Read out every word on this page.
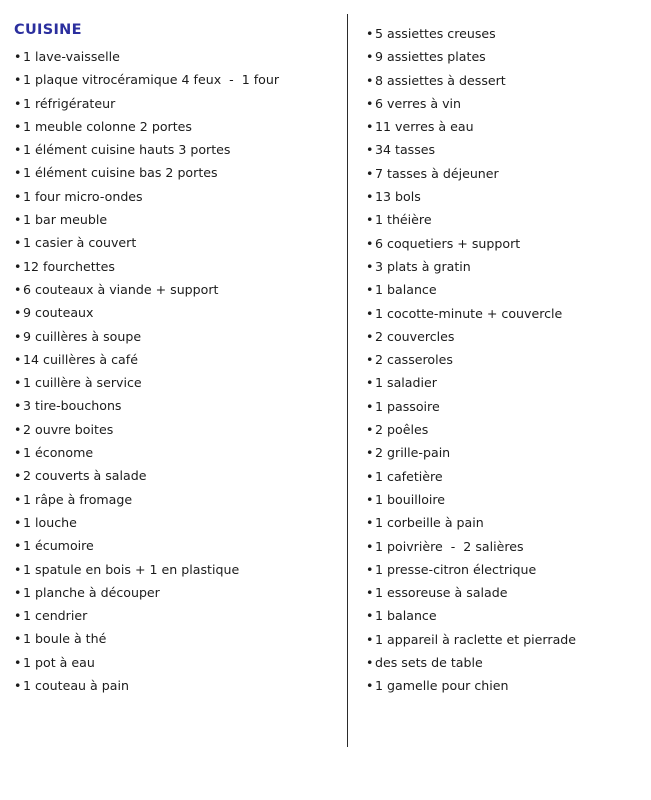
CUISINE
• 1 lave-vaisselle
• 1 plaque vitrocéramique 4 feux  -  1 four
• 1 réfrigérateur
• 1 meuble colonne 2 portes
• 1 élément cuisine hauts 3 portes
• 1 élément cuisine bas 2 portes
• 1 four micro-ondes
• 1 bar meuble
• 1 casier à couvert
• 12 fourchettes
• 6 couteaux à viande + support
• 9 couteaux
• 9 cuillères à soupe
• 14 cuillères à café
• 1 cuillère à service
• 3 tire-bouchons
• 2 ouvre boites
• 1 économe
• 2 couverts à salade
• 1 râpe à fromage
• 1 louche
• 1 écumoire
• 1 spatule en bois + 1 en plastique
• 1 planche à découper
• 1 cendrier
• 1 boule à thé
• 1 pot à eau
• 1 couteau à pain
• 5 assiettes creuses
• 9 assiettes plates
• 8 assiettes à dessert
• 6 verres à vin
• 11 verres à eau
• 34 tasses
• 7 tasses à déjeuner
• 13 bols
• 1 théière
• 6 coquetiers + support
• 3 plats à gratin
• 1 balance
• 1 cocotte-minute + couvercle
• 2 couvercles
• 2 casseroles
• 1 saladier
• 1 passoire
• 2 poêles
• 2 grille-pain
• 1 cafetière
• 1 bouilloire
• 1 corbeille à pain
• 1 poivrière  -  2 salières
• 1 presse-citron électrique
• 1 essoreuse à salade
• 1 balance
• 1 appareil à raclette et pierrade
• des sets de table
• 1 gamelle pour chien
